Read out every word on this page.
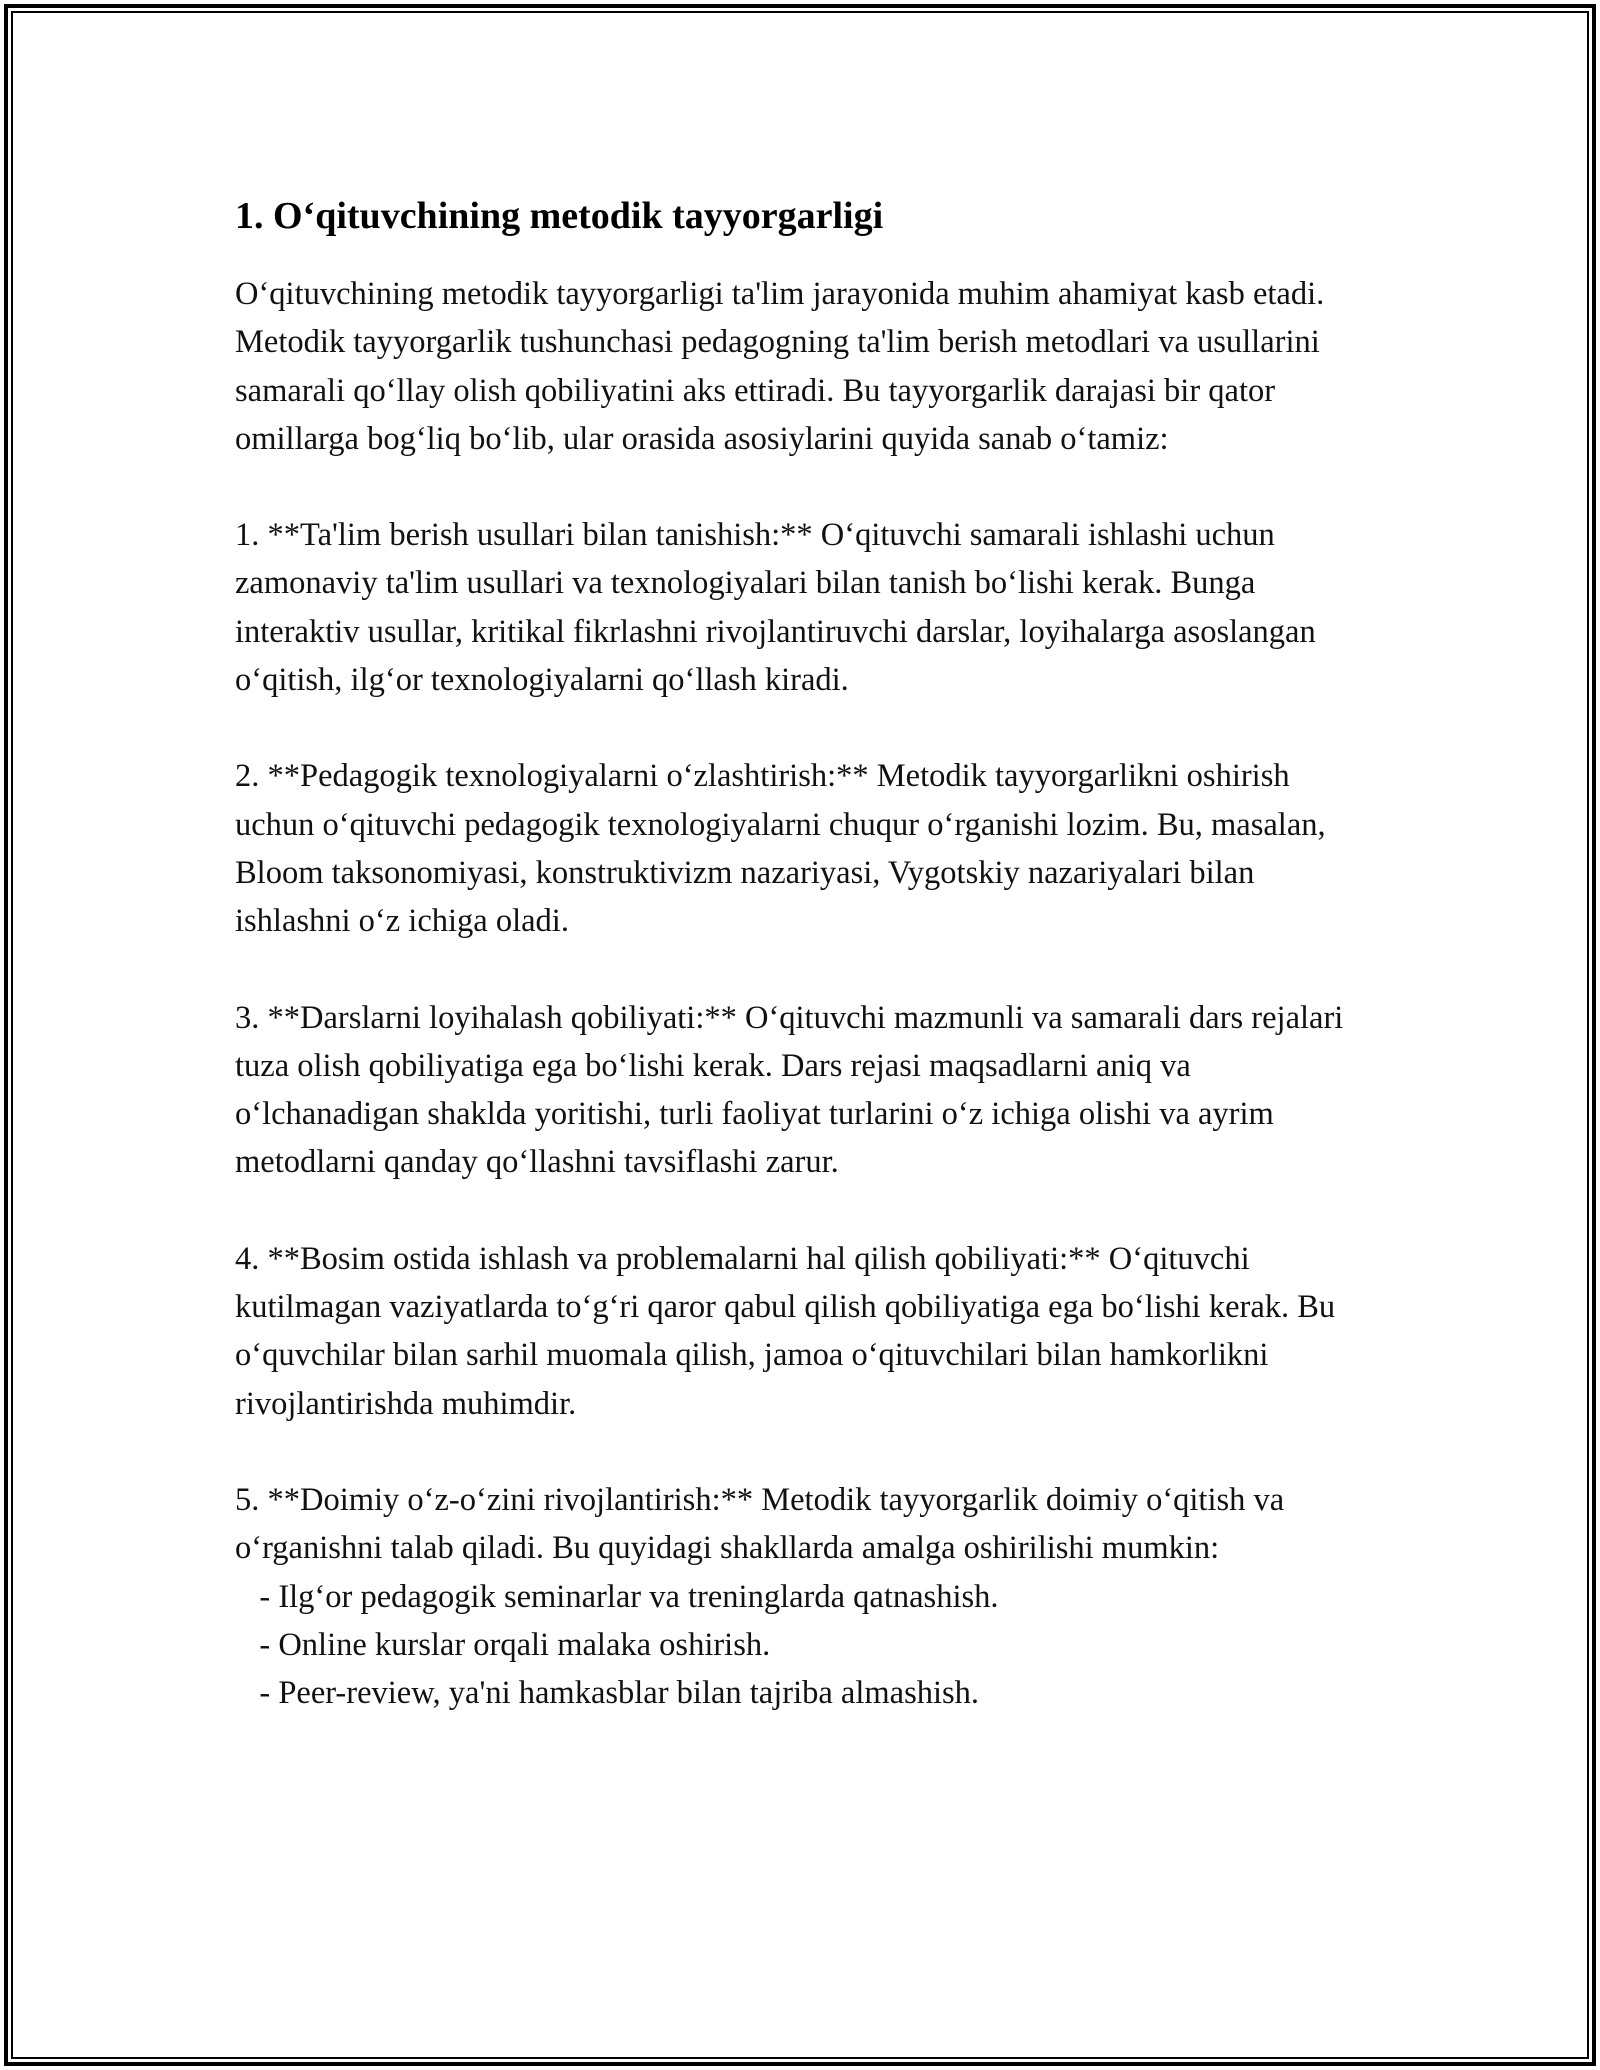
1. O‘qituvchining metodik tayyorgarligi

O‘qituvchining metodik tayyorgarligi ta'lim jarayonida muhim ahamiyat kasb etadi. Metodik tayyorgarlik tushunchasi pedagogning ta'lim berish metodlari va usullarini samarali qo‘llay olish qobiliyatini aks ettiradi. Bu tayyorgarlik darajasi bir qator omillarga bog‘liq bo‘lib, ular orasida asosiylarini quyida sanab o‘tamiz:

1. **Ta'lim berish usullari bilan tanishish:** O‘qituvchi samarali ishlashi uchun zamonaviy ta'lim usullari va texnologiyalari bilan tanish bo‘lishi kerak. Bunga interaktiv usullar, kritikal fikrlashni rivojlantiruvchi darslar, loyihalarga asoslangan o‘qitish, ilg‘or texnologiyalarni qo‘llash kiradi.

2. **Pedagogik texnologiyalarni o‘zlashtirish:** Metodik tayyorgarlikni oshirish uchun o‘qituvchi pedagogik texnologiyalarni chuqur o‘rganishi lozim. Bu, masalan, Bloom taksonomiyasi, konstruktivizm nazariyasi, Vygotskiy nazariyalari bilan ishlashni o‘z ichiga oladi.

3. **Darslarni loyihalash qobiliyati:** O‘qituvchi mazmunli va samarali dars rejalari tuza olish qobiliyatiga ega bo‘lishi kerak. Dars rejasi maqsadlarni aniq va o‘lchanadigan shaklda yoritishi, turli faoliyat turlarini o‘z ichiga olishi va ayrim metodlarni qanday qo‘llashni tavsiflashi zarur.

4. **Bosim ostida ishlash va problemalarni hal qilish qobiliyati:** O‘qituvchi kutilmagan vaziyatlarda to‘g‘ri qaror qabul qilish qobiliyatiga ega bo‘lishi kerak. Bu o‘quvchilar bilan sarhil muomala qilish, jamoa o‘qituvchilari bilan hamkorlikni rivojlantirishda muhimdir.

5. **Doimiy o‘z-o‘zini rivojlantirish:** Metodik tayyorgarlik doimiy o‘qitish va o‘rganishni talab qiladi. Bu quyidagi shakllarda amalga oshirilishi mumkin:

- Ilg‘or pedagogik seminarlar va treninglarda qatnashish.
- Online kurslar orqali malaka oshirish.
- Peer-review, ya'ni hamkasblar bilan tajriba almashish.
